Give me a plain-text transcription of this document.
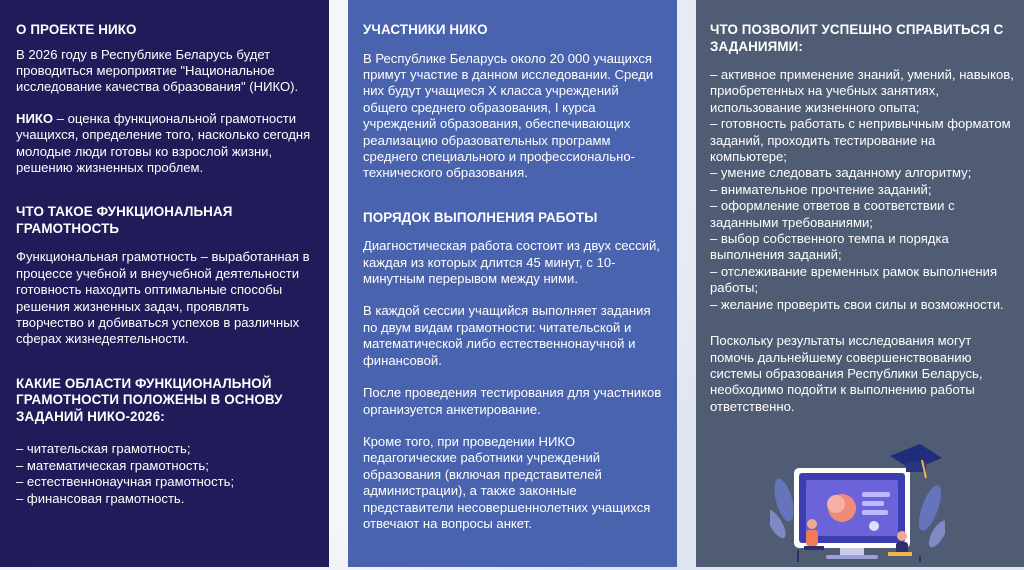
О ПРОЕКТЕ НИКО

В 2026 году в Республике Беларусь будет проводиться мероприятие "Национальное исследование качества образования" (НИКО).

НИКО – оценка функциональной грамотности учащихся, определение того, насколько сегодня молодые люди готовы ко взрослой жизни, решению жизненных проблем.

ЧТО ТАКОЕ ФУНКЦИОНАЛЬНАЯ ГРАМОТНОСТЬ

Функциональная грамотность – выработанная в процессе учебной и внеучебной деятельности готовность находить оптимальные способы решения жизненных задач, проявлять творчество и добиваться успехов в различных сферах жизнедеятельности.

КАКИЕ ОБЛАСТИ ФУНКЦИОНАЛЬНОЙ ГРАМОТНОСТИ ПОЛОЖЕНЫ В ОСНОВУ ЗАДАНИЙ НИКО-2026:

– читательская грамотность;

– математическая грамотность;

– естественнонаучная грамотность;

– финансовая грамотность.

УЧАСТНИКИ НИКО

В Республике Беларусь около 20 000 учащихся примут участие в данном исследовании. Среди них будут учащиеся X класса учреждений общего среднего образования, I курса учреждений образования, обеспечивающих реализацию образовательных программ среднего специального и профессионально-технического образования.

ПОРЯДОК ВЫПОЛНЕНИЯ РАБОТЫ

Диагностическая работа состоит из двух сессий, каждая из которых длится 45 минут, с 10-минутным перерывом между ними.

В каждой сессии учащийся выполняет задания по двум видам грамотности: читательской и математической либо естественнонаучной и финансовой.

После проведения тестирования для участников организуется анкетирование.

Кроме того, при проведении НИКО педагогические работники учреждений образования (включая представителей администрации), а также законные представители несовершеннолетних учащихся отвечают на вопросы анкет.

ЧТО ПОЗВОЛИТ УСПЕШНО СПРАВИТЬСЯ С ЗАДАНИЯМИ:

– активное применение знаний, умений, навыков, приобретенных на учебных занятиях, использование жизненного опыта;

– готовность работать с непривычным форматом заданий, проходить тестирование на компьютере;

– умение следовать заданному алгоритму;

– внимательное прочтение заданий;

– оформление ответов в соответствии с заданными требованиями;

– выбор собственного темпа и порядка выполнения заданий;

– отслеживание временных рамок выполнения работы;

– желание проверить свои силы и возможности.

Поскольку результаты исследования могут помочь дальнейшему совершенствованию системы образования Республики Беларусь, необходимо подойти к выполнению работы ответственно.
